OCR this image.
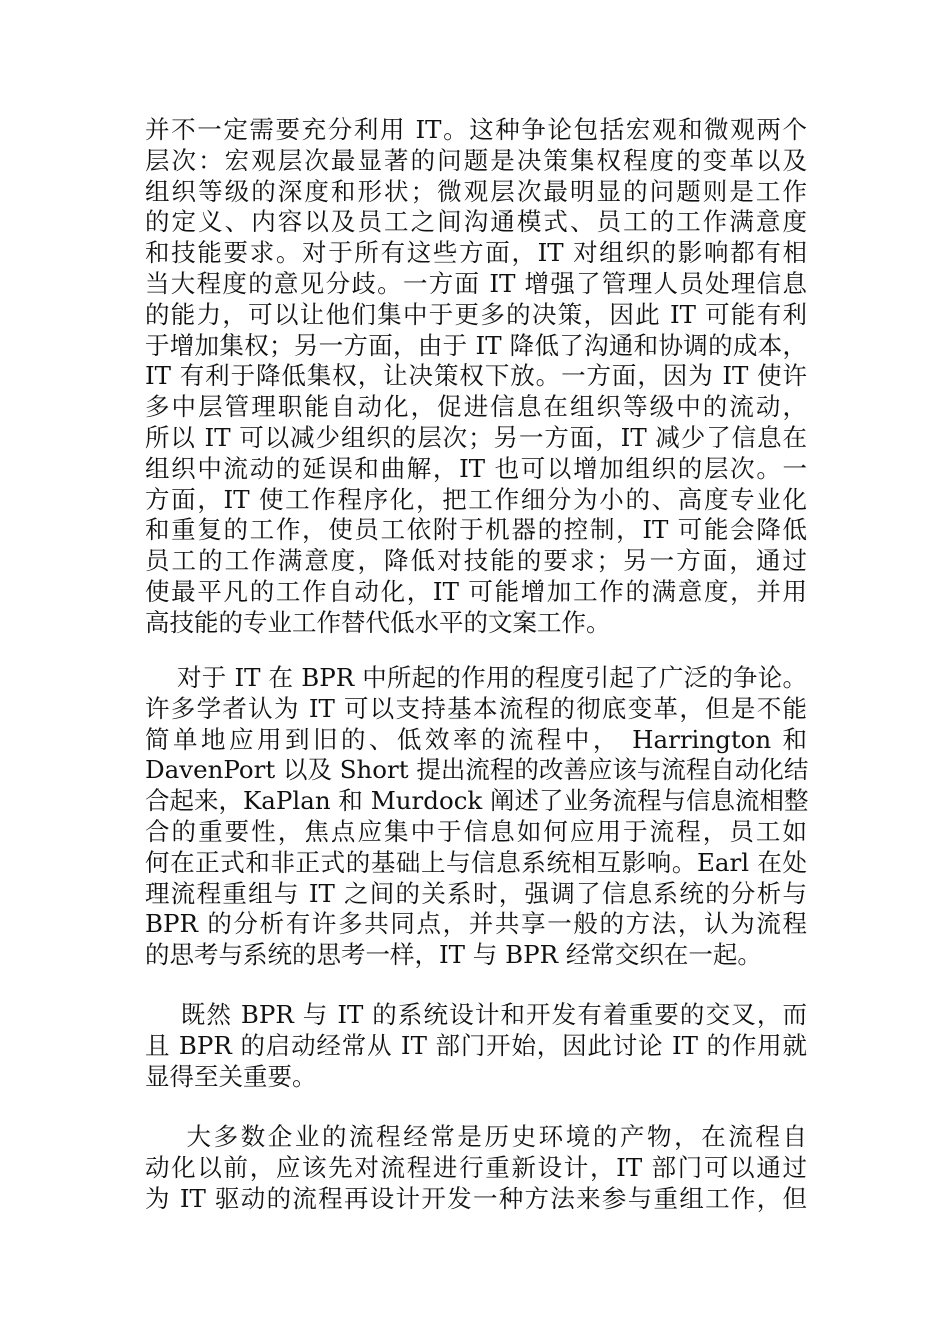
并不一定需要充分利用 IT。这种争论包括宏观和微观两个
层次：宏观层次最显著的问题是决策集权程度的变革以及
组织等级的深度和形状；微观层次最明显的问题则是工作
的定义、内容以及员工之间沟通模式、员工的工作满意度
和技能要求。对于所有这些方面，IT 对组织的影响都有相
当大程度的意见分歧。一方面 IT 增强了管理人员处理信息
的能力，可以让他们集中于更多的决策，因此 IT 可能有利
于增加集权；另一方面，由于 IT 降低了沟通和协调的成本，
IT 有利于降低集权，让决策权下放。一方面，因为 IT 使许
多中层管理职能自动化，促进信息在组织等级中的流动，
所以 IT 可以减少组织的层次；另一方面，IT 减少了信息在
组织中流动的延误和曲解，IT 也可以增加组织的层次。一
方面，IT 使工作程序化，把工作细分为小的、高度专业化
和重复的工作，使员工依附于机器的控制，IT 可能会降低
员工的工作满意度，降低对技能的要求；另一方面，通过
使最平凡的工作自动化，IT 可能增加工作的满意度，并用
高技能的专业工作替代低水平的文案工作。
对于 IT 在 BPR 中所起的作用的程度引起了广泛的争论。
许多学者认为 IT 可以支持基本流程的彻底变革，但是不能
简单地应用到旧的、低效率的流程中， Harrington 和
DavenPort 以及 Short 提出流程的改善应该与流程自动化结
合起来，KaPlan 和 Murdock 阐述了业务流程与信息流相整
合的重要性，焦点应集中于信息如何应用于流程，员工如
何在正式和非正式的基础上与信息系统相互影响。Earl 在处
理流程重组与 IT 之间的关系时，强调了信息系统的分析与
BPR 的分析有许多共同点，并共享一般的方法，认为流程
的思考与系统的思考一样，IT 与 BPR 经常交织在一起。
既然 BPR 与 IT 的系统设计和开发有着重要的交叉，而
且 BPR 的启动经常从 IT 部门开始，因此讨论 IT 的作用就
显得至关重要。
大多数企业的流程经常是历史环境的产物，在流程自
动化以前，应该先对流程进行重新设计，IT 部门可以通过
为 IT 驱动的流程再设计开发一种方法来参与重组工作，但
